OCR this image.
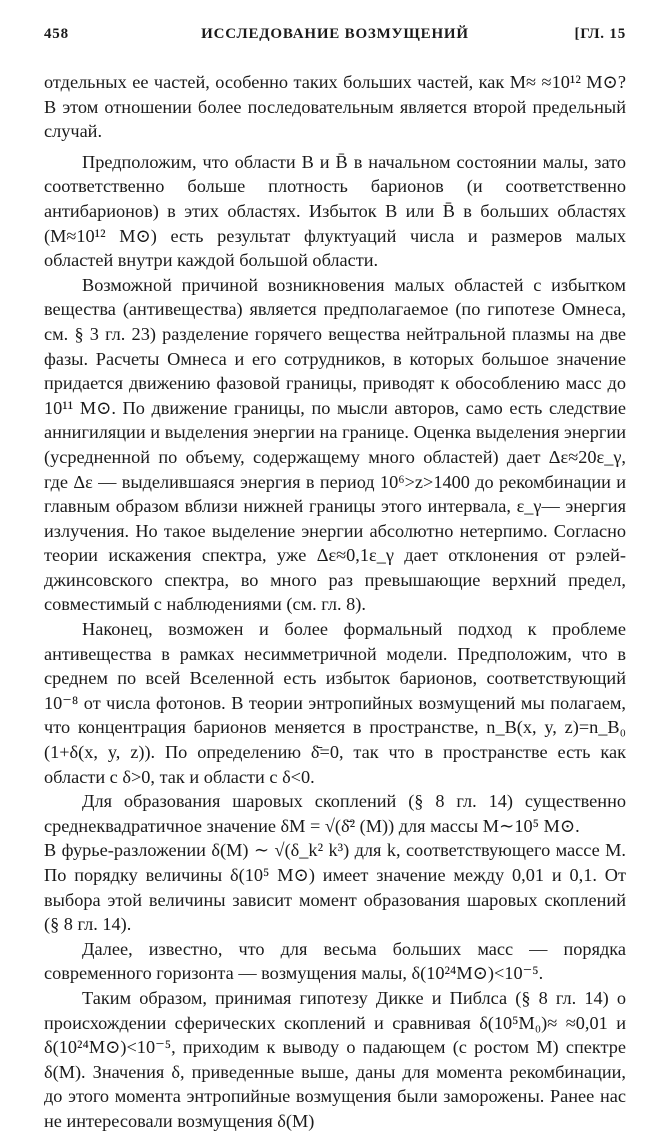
458	ИССЛЕДОВАНИЕ ВОЗМУЩЕНИЙ	[ГЛ. 15

отдельных ее частей, особенно таких больших частей, как M≈ ≈10¹² M⊙? В этом отношении более последовательным является второй предельный случай.

Предположим, что области B и B̄ в начальном состоянии малы, зато соответственно больше плотность барионов (и соответственно антибарионов) в этих областях. Избыток B или B̄ в больших областях (M≈10¹² M⊙) есть результат флуктуаций числа и размеров малых областей внутри каждой большой области.

Возможной причиной возникновения малых областей с избытком вещества (антивещества) является предполагаемое (по гипотезе Омнеса, см. § 3 гл. 23) разделение горячего вещества нейтральной плазмы на две фазы. Расчеты Омнеса и его сотрудников, в которых большое значение придается движению фазовой границы, приводят к обособлению масс до 10¹¹ M⊙. По движение границы, по мысли авторов, само есть следствие аннигиляции и выделения энергии на границе. Оценка выделения энергии (усредненной по объему, содержащему много областей) дает Δε≈20ε_γ, где Δε — выделившаяся энергия в период 10⁶>z>1400 до рекомбинации и главным образом вблизи нижней границы этого интервала, ε_γ— энергия излучения. Но такое выделение энергии абсолютно нетерпимо. Согласно теории искажения спектра, уже Δε≈0,1ε_γ дает отклонения от рэлей-джинсовского спектра, во много раз превышающие верхний предел, совместимый с наблюдениями (см. гл. 8).

Наконец, возможен и более формальный подход к проблеме антивещества в рамках несимметричной модели. Предположим, что в среднем по всей Вселенной есть избыток барионов, соответствующий 10⁻⁸ от числа фотонов. В теории энтропийных возмущений мы полагаем, что концентрация барионов меняется в пространстве, n_B(x, y, z)=n_B₀ (1+δ(x, y, z)). По определению δ̄=0, так что в пространстве есть как области с δ>0, так и области с δ<0.

Для образования шаровых скоплений (§ 8 гл. 14) существенно среднеквадратичное значение δM = √(δ̄² (M)) для массы M∼10⁵ M⊙.

В фурье-разложении δ(M) ∼ √(δ_k² k³) для k, соответствующего массе M. По порядку величины δ(10⁵ M⊙) имеет значение между 0,01 и 0,1. От выбора этой величины зависит момент образования шаровых скоплений (§ 8 гл. 14).

Далее, известно, что для весьма больших масс — порядка современного горизонта — возмущения малы, δ(10²⁴M⊙)<10⁻⁵.

Таким образом, принимая гипотезу Дикке и Пиблса (§ 8 гл. 14) о происхождении сферических скоплений и сравнивая δ(10⁵M₀)≈ ≈0,01 и δ(10²⁴M⊙)<10⁻⁵, приходим к выводу о падающем (с ростом M) спектре δ(M). Значения δ, приведенные выше, даны для момента рекомбинации, до этого момента энтропийные возмущения были заморожены. Ранее нас не интересовали возмущения δ(M)
